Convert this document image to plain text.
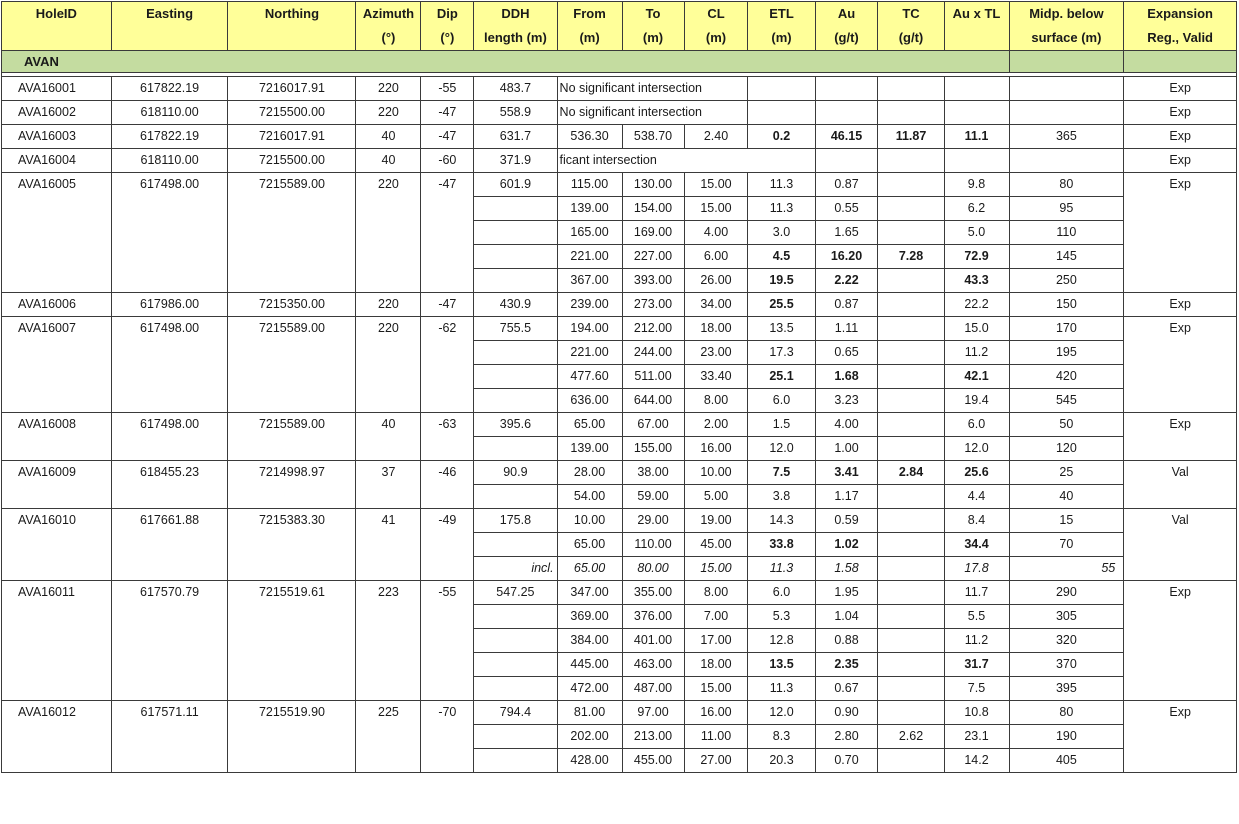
HoleID	Easting	Northing	Azimuth	Dip	DDH	From	To	CL	ETL	Au	TC	Au x TL	Midp. below	Expansion
			(°)	(°)	length (m)	(m)	(m)	(m)	(m)	(g/t)	(g/t)		surface (m)	Reg., Valid
AVAN														

AVA16001	617822.19	7216017.91	220	-55	483.7	No significant intersection								Exp
AVA16002	618110.00	7215500.00	220	-47	558.9	No significant intersection								Exp
AVA16003	617822.19	7216017.91	40	-47	631.7	536.30	538.70	2.40	0.2	46.15	11.87	11.1	365	Exp
AVA16004	618110.00	7215500.00	40	-60	371.9	ficant intersection								Exp
AVA16005	617498.00	7215589.00	220	-47	601.9	115.00	130.00	15.00	11.3	0.87		9.8	80	Exp
						139.00	154.00	15.00	11.3	0.55		6.2	95	
						165.00	169.00	4.00	3.0	1.65		5.0	110	
						221.00	227.00	6.00	4.5	16.20	7.28	72.9	145	
						367.00	393.00	26.00	19.5	2.22		43.3	250	
AVA16006	617986.00	7215350.00	220	-47	430.9	239.00	273.00	34.00	25.5	0.87		22.2	150	Exp
AVA16007	617498.00	7215589.00	220	-62	755.5	194.00	212.00	18.00	13.5	1.11		15.0	170	Exp
						221.00	244.00	23.00	17.3	0.65		11.2	195	
						477.60	511.00	33.40	25.1	1.68		42.1	420	
						636.00	644.00	8.00	6.0	3.23		19.4	545	
AVA16008	617498.00	7215589.00	40	-63	395.6	65.00	67.00	2.00	1.5	4.00		6.0	50	Exp
						139.00	155.00	16.00	12.0	1.00		12.0	120	
AVA16009	618455.23	7214998.97	37	-46	90.9	28.00	38.00	10.00	7.5	3.41	2.84	25.6	25	Val
						54.00	59.00	5.00	3.8	1.17		4.4	40	
AVA16010	617661.88	7215383.30	41	-49	175.8	10.00	29.00	19.00	14.3	0.59		8.4	15	Val
						65.00	110.00	45.00	33.8	1.02		34.4	70	
					incl.	65.00	80.00	15.00	11.3	1.58		17.8	55	
AVA16011	617570.79	7215519.61	223	-55	547.25	347.00	355.00	8.00	6.0	1.95		11.7	290	Exp
						369.00	376.00	7.00	5.3	1.04		5.5	305	
						384.00	401.00	17.00	12.8	0.88		11.2	320	
						445.00	463.00	18.00	13.5	2.35		31.7	370	
						472.00	487.00	15.00	11.3	0.67		7.5	395	
AVA16012	617571.11	7215519.90	225	-70	794.4	81.00	97.00	16.00	12.0	0.90		10.8	80	Exp
						202.00	213.00	11.00	8.3	2.80	2.62	23.1	190	
						428.00	455.00	27.00	20.3	0.70		14.2	405	
